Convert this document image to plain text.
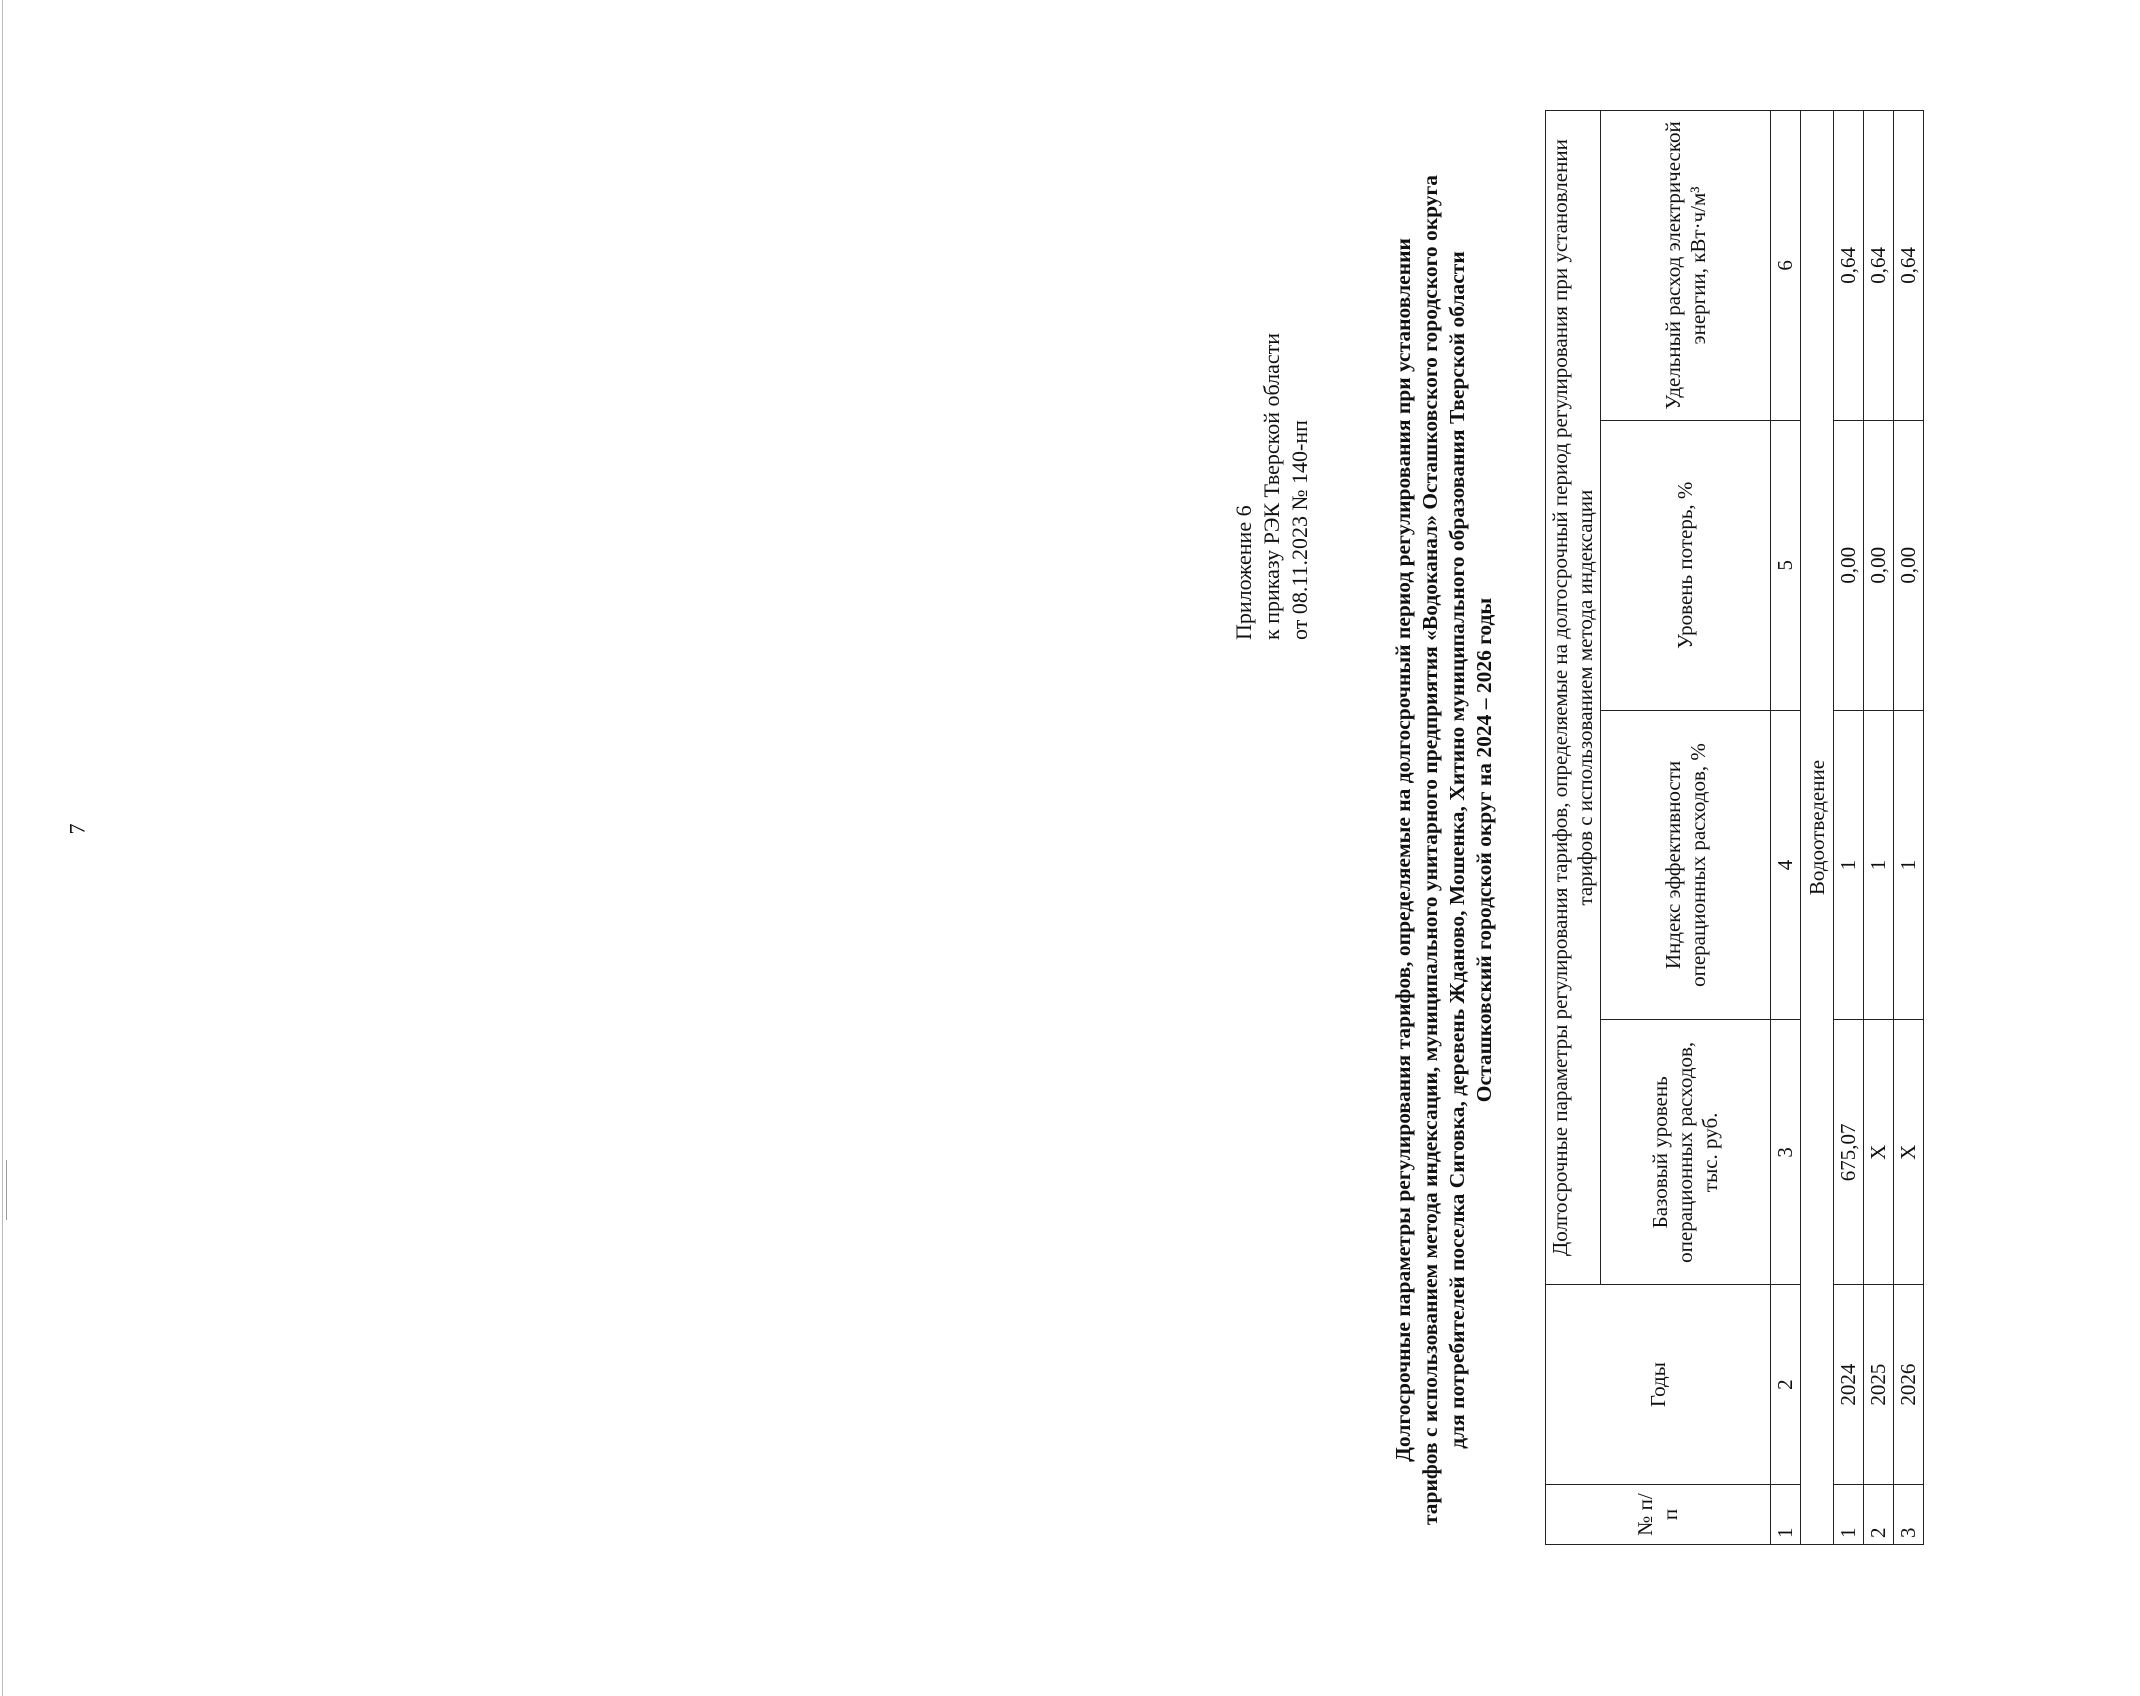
7
Приложение 6 к приказу РЭК Тверской области от 08.11.2023 № 140-нп	Долгосрочные параметры регулирования тарифов, определяемые на долгосрочный период регулирования при установлении тарифов с использованием метода индексации, муниципального унитарного предприятия «Водоканал» Осташковского городского округа для потребителей поселка Сиговка, деревень Жданово, Мошенка, Хитино муниципального образования Тверской области Осташковский городской округ на 2024 – 2026 годы
№ п/п	Годы	Долгосрочные параметры регулирования тарифов, определяемые на долгосрочный период регулирования при установлении тарифов с использованием метода индексации			
		Базовый уровень операционных расходов, тыс. руб.	Индекс эффективности операционных расходов, %	Уровень потерь, %	Удельный расход электрической энергии, кВт·ч/м³
1	2	3	4	5	6
Водоотведение					
1	2024	675,07	1	0,00	0,64
2	2025	X	1	0,00	0,64
3	2026	X	1	0,00	0,64
